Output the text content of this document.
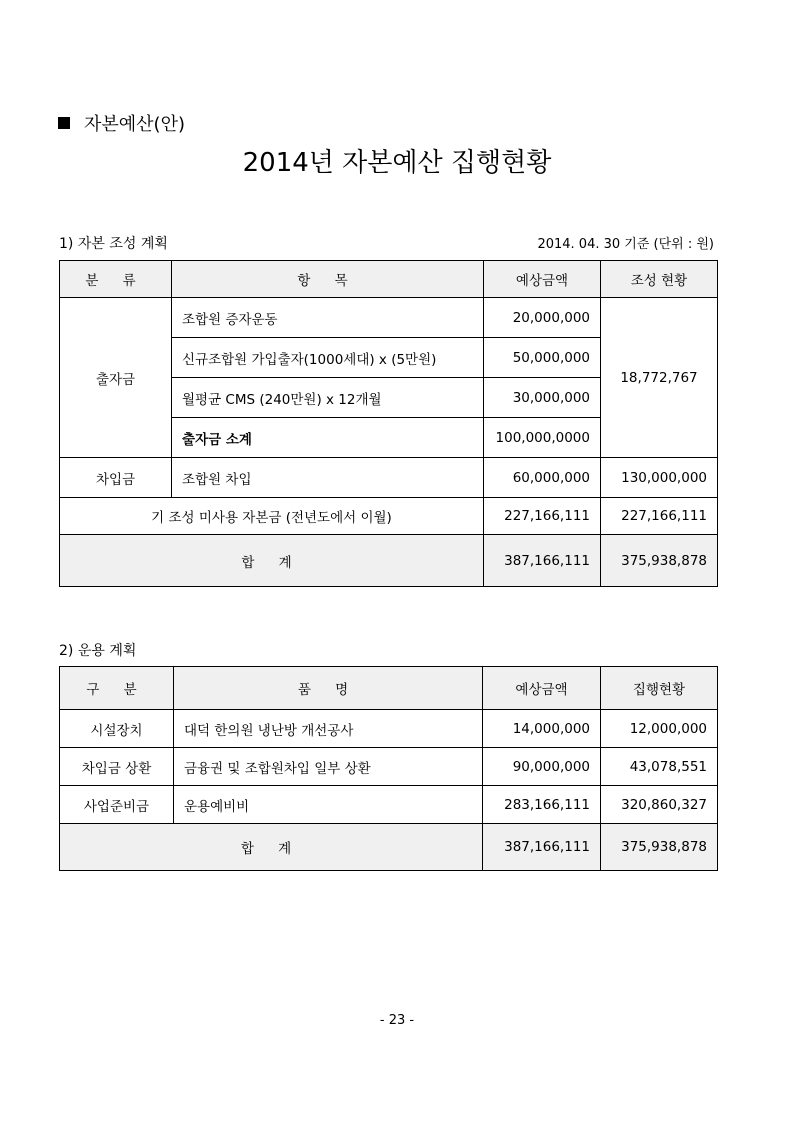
자본예산(안)
2014년 자본예산 집행현황
1) 자본 조성 계획	2014. 04. 30 기준 (단위 : 원)
분 류	항 목	예상금액	조성 현황
출자금	조합원 증자운동	20,000,000	18,772,767
	신규조합원 가입출자(1000세대) x (5만원)	50,000,000	
	월평균 CMS (240만원) x 12개월	30,000,000	
	출자금 소계	100,000,0000	
차입금	조합원 차입	60,000,000	130,000,000
기 조성 미사용 자본금 (전년도에서 이월)		227,166,111	227,166,111
합 계		387,166,111	375,938,878
2) 운용 계획
구 분	품 명	예상금액	집행현황
시설장치	대덕 한의원 냉난방 개선공사	14,000,000	12,000,000
차입금 상환	금융권 및 조합원차입 일부 상환	90,000,000	43,078,551
사업준비금	운용예비비	283,166,111	320,860,327
합 계		387,166,111	375,938,878
- 23 -
